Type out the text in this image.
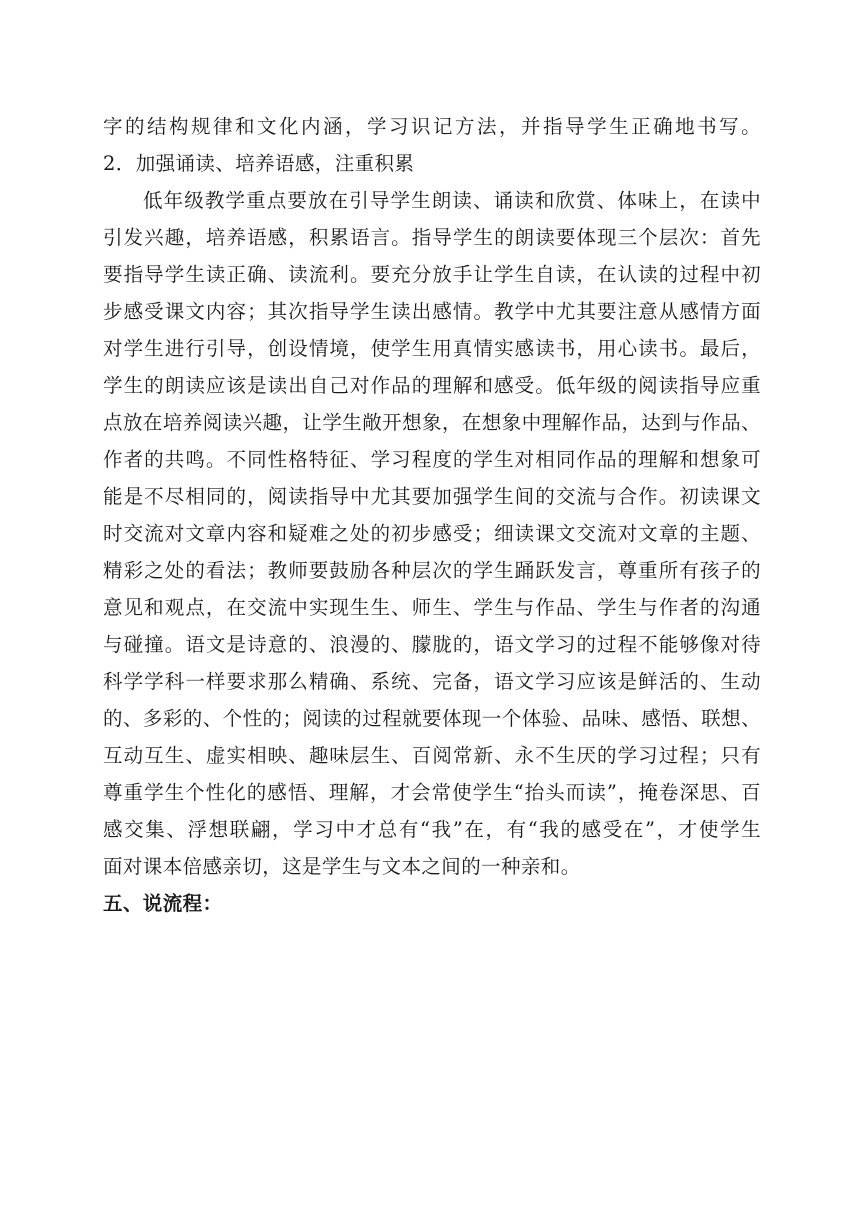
字的结构规律和文化内涵，学习识记方法，并指导学生正确地书写。
2．加强诵读、培养语感，注重积累
低年级教学重点要放在引导学生朗读、诵读和欣赏、体味上，在读中
引发兴趣，培养语感，积累语言。指导学生的朗读要体现三个层次：首先
要指导学生读正确、读流利。要充分放手让学生自读，在认读的过程中初
步感受课文内容；其次指导学生读出感情。教学中尤其要注意从感情方面
对学生进行引导，创设情境，使学生用真情实感读书，用心读书。最后，
学生的朗读应该是读出自己对作品的理解和感受。低年级的阅读指导应重
点放在培养阅读兴趣，让学生敞开想象，在想象中理解作品，达到与作品、
作者的共鸣。不同性格特征、学习程度的学生对相同作品的理解和想象可
能是不尽相同的，阅读指导中尤其要加强学生间的交流与合作。初读课文
时交流对文章内容和疑难之处的初步感受；细读课文交流对文章的主题、
精彩之处的看法；教师要鼓励各种层次的学生踊跃发言，尊重所有孩子的
意见和观点，在交流中实现生生、师生、学生与作品、学生与作者的沟通
与碰撞。语文是诗意的、浪漫的、朦胧的，语文学习的过程不能够像对待
科学学科一样要求那么精确、系统、完备，语文学习应该是鲜活的、生动
的、多彩的、个性的；阅读的过程就要体现一个体验、品味、感悟、联想、
互动互生、虚实相映、趣味层生、百阅常新、永不生厌的学习过程；只有
尊重学生个性化的感悟、理解，才会常使学生“抬头而读”，掩卷深思、百
感交集、浮想联翩，学习中才总有“我”在，有“我的感受在”，才使学生
面对课本倍感亲切，这是学生与文本之间的一种亲和。
五、说流程：
